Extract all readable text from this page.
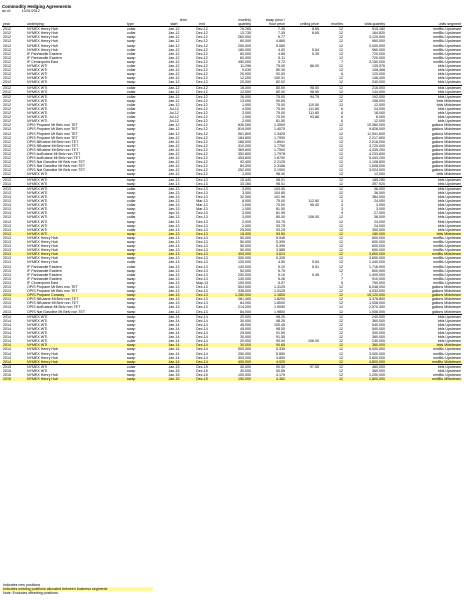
Commodity Hedging Agreements
as of:	10/31/2012
			term		monthly	swap price /				
year	underlying	type	start	end	quantity	floor price	ceiling price	months	total quantity	units segment
2012	NYMEX Henry Hub	collar	Jan-12	Dec-12	76,265	7.35	8.65	12	915,180	mmBtu Upstream
2012	NYMEX Henry Hub	collar	Jan-12	Dec-12	13,735	7.35	8.65	12	164,820	mmBtu Upstream
2012	NYMEX Henry Hub	swap	Jan-12	Dec-12	260,000	6.77		12	3,120,000	mmBtu Upstream
2012	NYMEX Henry Hub	swap	Jan-12	Dec-12	80,000	4.865		12	960,000	mmBtu Upstream
2012	NYMEX Henry Hub	swap	Jan-12	Dec-12	250,000	5.060		12	3,000,000	mmBtu Upstream
2012	NYMEX Henry Hub	collar	Jan-12	Dec-12	180,000	4.00	5.54	12	960,000	mmBtu Upstream
2012	IF Panhandle Eastern	collar	Jan-12	Dec-12	60,000	4.85	5.39	12	720,000	mmBtu Upstream
2012	IF Panhandle Eastern	swap	Jan-12	Dec-12	60,000	5.11		12	720,000	mmBtu Upstream
2012	IF Centerpoint East	swap	Jan-12	Dec-12	450,000	5.72		7	3,150,000	mmBtu Upstream
2012	NYMEX WTI	collar	Jan-12	Dec-12	11,296	75.00	86.00	12	135,576	bbls Upstream
2012	NYMEX WTI	collar	Jan-12	Dec-12	9,039	80.30		12	108,468	bbls Upstream
2012	NYMEX WTI	swap	Jan-12	Dec-12	20,000	92.00		6	120,000	bbls Upstream
2012	NYMEX WTI	swap	Jan-12	Dec-12	12,200	100.31		12	146,400	bbls Upstream
2012	NYMEX WTI	swap	Jan-12	Dec-12	20,000	82.02		12	240,000	bbls Upstream
2012	NYMEX WTI	collar	Jan-12	Dec-12	18,000	80.00	98.50	12	216,000	bbls Upstream
2012	NYMEX WTI	collar	Jan-12	Dec-12	12,000	80.00	98.50	12	144,000	bbls Upstream
2012	NYMEX WTI	collar	Jan-12	Dec-12	16,000	75.00	94.75	12	192,000	bbls Upstream
2012	NYMEX WTI	swap	Jan-12	Dec-12	13,000	90.65		12	156,000	bbls Midstream
2012	NYMEX WTI	collar	Jan-12	Dec-12	1,000	75.00	110.50	12	12,000	bbls Midstream
2012	NYMEX WTI	collar	Jul-12	Dec-12	4,000	75.00	111.80	6	24,000	bbls Upstream
2012	NYMEX WTI	collar	Jul-12	Dec-12	3,000	75.00	111.80	6	18,000	bbls Upstream
2012	NYMEX WTI	collar	Jul-12	Dec-12	1,000	70.00	93.86	6	6,000	bbls Upstream
2012	NYMEX WTI	swap	Jul-12	Dec-12	2,000	81.50		6	12,000	bbls Upstream
2012	OPIS Propane Mt Belv non TET	swap	Jan-12	Dec-12	840,000	1.3900		12	10,080,000	gallons Midstream
2012	OPIS Propane Mt Belv non TET	swap	Jan-12	Dec-12	819,000	1.4070		12	9,828,000	gallons Midstream
2012	OPIS Propane Mt Belv non TET	swap	Jan-12	Dec-12	961,800	1.3425		12	11,541,600	gallons Midstream
2012	OPIS Propane Mt Belv non TET	swap	Jan-12	Dec-12	184,800	1.7900		12	2,217,600	gallons Midstream
2012	OPIS NButane Mt Belv non TET	swap	Jan-12	Dec-12	166,000	1.8541		12	2,016,000	gallons Midstream
2012	OPIS NButane Mt Belv non TET	swap	Jan-12	Dec-12	310,000	1.7750		12	3,720,000	gallons Midstream
2012	OPIS NButane Mt Belv non TET	swap	Jan-12	Dec-12	369,600	1.7500		12	4,435,200	gallons Midstream
2012	OPIS isoButane Mt Belv non TET	swap	Jan-12	Dec-12	352,800	1.7978		12	4,233,600	gallons Midstream
2012	OPIS isoButane Mt Belv non TET	swap	Jan-12	Dec-12	453,600	1.6700		12	5,443,200	gallons Midstream
2012	OPIS Nat Gasoline Mt Belv non TET	swap	Jan-12	Dec-12	92,400	2.2125		12	1,108,800	gallons Midstream
2012	OPIS Nat Gasoline Mt Belv non TET	swap	Jan-12	Dec-12	84,000	2.3166		12	1,008,000	gallons Midstream
2012	OPIS Nat Gasoline Mt Belv non TET	swap	Jan-12	Dec-12	252,000	2.1900		12	3,024,000	gallons Midstream
2012	NYMEX WTI	swap	Jan-12	Dec-12	1,000	98.00		12	12,000	bbls Midstream
2013	NYMEX WTI	swap	Jan-13	Dec-13	15,440	98.01		12	185,280	bbls Upstream
2013	NYMEX WTI	swap	Jan-13	Dec-13	33,160	98.01		12	397,920	bbls Upstream
2013	NYMEX WTI	collar	Jan-13	Dec-13	3,000	103.50		12	36,000	bbls Upstream
2013	NYMEX WTI	swap	Jan-13	Dec-13	3,000	104.85		12	36,000	bbls Upstream
2013	NYMEX WTI	swap	Jan-13	Dec-13	32,000	101.96		12	384,000	bbls Upstream
2013	NYMEX WTI	collar	Jan-13	Mar-13	8,000	75.00	112.80	3	24,000	bbls Upstream
2013	NYMEX WTI	collar	Jan-13	Mar-13	1,000	70.00	95.40	3	3,000	bbls Upstream
2013	NYMEX WTI	swap	Jan-13	Mar-13	1,000	81.50		3	3,000	bbls Upstream
2013	NYMEX WTI	swap	Apr-13	Dec-13	3,000	81.95		9	27,000	bbls Upstream
2013	NYMEX WTI	collar	Jan-13	Dec-13	3,000	80.00	106.00	12	36,000	bbls Upstream
2013	NYMEX WTI	swap	Jan-13	Dec-13	2,000	93.75		12	24,000	bbls Upstream
2013	NYMEX WTI	swap	Jan-13	Dec-13	2,000	93.75		12	24,000	bbls Upstream
2013	NYMEX WTI	collar	Jan-13	Dec-13	25,000	93.25		12	300,000	bbls Upstream
2013	NYMEX WTI	swap	Jan-13	Dec-13	15,000	93.50		12	180,000	bbls Midstream
2013	NYMEX Henry Hub	swap	Jan-13	Dec-13	50,000	5.945		12	600,000	mmBtu Upstream
2013	NYMEX Henry Hub	swap	Jan-13	Dec-13	50,000	5.395		12	600,000	mmBtu Upstream
2013	NYMEX Henry Hub	swap	Jan-13	Dec-13	50,000	5.395		12	600,000	mmBtu Upstream
2013	NYMEX Henry Hub	swap	Jan-13	Dec-13	50,000	3.585		12	600,000	mmBtu Upstream
2013	NYMEX Henry Hub	swap	Jan-13	Dec-13	300,000	3.623		12	3,600,000	mmBtu Midstream
2013	NYMEX Henry Hub	swap	Jan-13	Dec-13	300,000	5.335		12	3,600,000	mmBtu Upstream
2013	NYMEX Henry Hub	collar	Jan-13	Dec-13	120,000	4.50	5.54	12	1,440,000	mmBtu Upstream
2013	IF Panhandle Eastern	collar	Jan-13	Dec-13	143,000	5.10	5.51	12	1,716,000	mmBtu Upstream
2013	IF Panhandle Eastern	swap	Jan-13	Dec-13	50,000	5.75		12	600,000	mmBtu Upstream
2013	IF Panhandle Eastern	collar	Jan-13	Dec-13	200,000	5.10	5.45	7	1,400,000	mmBtu Upstream
2013	IF Panhandle Eastern	swap	Jan-13	Dec-13	130,000	5.26		7	910,000	mmBtu Upstream
2013	IF Centerpoint East	swap	Jan-13	May-13	150,000	5.97		5	750,000	mmBtu Upstream
2013	OPIS Propane Mt Belv non TET	swap	Jan-13	Dec-13	504,000	1.3125		12	6,048,000	gallons Midstream
2013	OPIS Propane Mt Belv non TET	swap	Jan-13	Dec-13	336,000	1.3125		12	4,032,000	gallons Midstream
2013	OPIS Propane Conway	swap	Jan-13	Dec-13	1,260,000	1.1800		12	15,120,000	gallons Midstream
2013	OPIS NButane Mt Belv non TET	swap	Jan-13	Dec-13	281,400	1.8200		12	3,376,800	gallons Midstream
2013	OPIS NButane Mt Belv non TET	swap	Jan-13	Dec-13	84,000	1.8000		12	1,008,000	gallons Midstream
2013	OPIS isoButane Mt Belv non TET	swap	Jan-13	Dec-13	214,200	1.9050		12	2,570,400	gallons Midstream
2013	OPIS Nat Gasoline Mt Belv non TET	swap	Jan-13	Dec-13	84,000	1.9800		12	1,008,000	gallons Midstream
2014	NYMEX WTI	swap	Jan-14	Dec-14	20,000	98.20		12	240,000	bbls Upstream
2014	NYMEX WTI	swap	Jan-14	Dec-14	30,000	98.25		12	360,000	bbls Upstream
2014	NYMEX WTI	swap	Jan-14	Dec-14	45,000	100.45		12	540,000	bbls Upstream
2014	NYMEX WTI	swap	Jan-14	Dec-14	45,000	98.05		12	540,000	bbls Upstream
2014	NYMEX WTI	swap	Jan-14	Dec-14	25,000	91.50		12	300,000	bbls Upstream
2014	NYMEX WTI	swap	Jan-14	Dec-14	30,000	91.55		12	360,000	bbls Upstream
2014	NYMEX WTI	collar	Jan-14	Dec-14	20,000	90.00	106.00	12	240,000	bbls Upstream
2014	NYMEX WTI	swap	Jan-14	Dec-14	30,000	90.65		12	360,000	bbls Midstream
2014	NYMEX Henry Hub	swap	Jan-14	Dec-14	500,000	5.335		12	6,000,000	mmBtu Upstream
2014	NYMEX Henry Hub	swap	Jan-14	Dec-14	250,000	5.550		12	3,000,000	mmBtu Upstream
2014	NYMEX Henry Hub	swap	Jan-14	Dec-14	300,000	3.890		12	3,600,000	mmBtu Upstream
2014	NYMEX Henry Hub	swap	Jan-14	Dec-14	400,000	4.020		12	4,800,000	mmBtu Midstream
2015	NYMEX WTI	collar	Jan-15	Dec-15	40,000	90.00	97.55	12	480,000	bbls Upstream
2015	NYMEX WTI	swap	Jan-15	Dec-15	30,000	90.65		12	360,000	bbls Upstream
2015	NYMEX Henry Hub	swap	Jan-15	Dec-15	100,000	4.175		12	1,200,000	mmBtu Upstream
2015	NYMEX Henry Hub	swap	Jan-15	Dec-15	150,000	4.362		12	1,800,000	mmBtu Midstream
Indicates new positions
Indicates existing positions allocated between business segments
Note: Excludes offsetting positions.
